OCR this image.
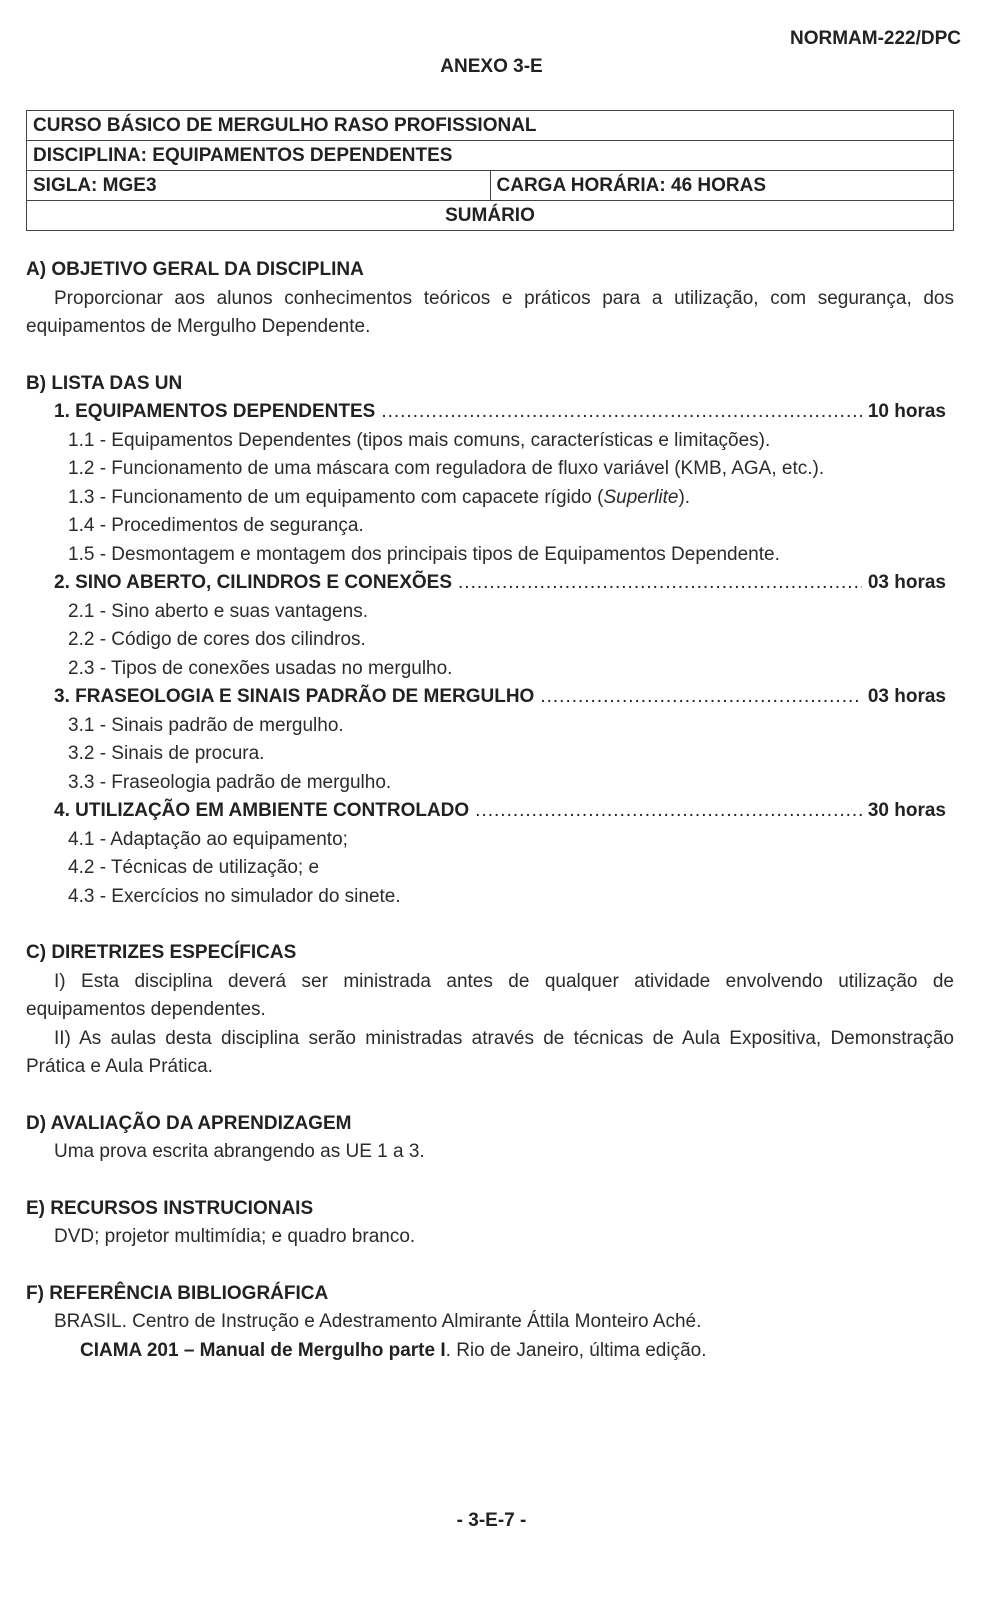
NORMAM-222/DPC
ANEXO 3-E
CURSO BÁSICO DE MERGULHO RASO PROFISSIONAL
DISCIPLINA: EQUIPAMENTOS DEPENDENTES
SIGLA: MGE3	CARGA HORÁRIA: 46 HORAS
SUMÁRIO
A) OBJETIVO GERAL DA DISCIPLINA
Proporcionar aos alunos conhecimentos teóricos e práticos para a utilização, com segurança, dos equipamentos de Mergulho Dependente.
B) LISTA DAS UN
1. EQUIPAMENTOS DEPENDENTES .....	10 horas
1.1 - Equipamentos Dependentes (tipos mais comuns, características e limitações).
1.2 - Funcionamento de uma máscara com reguladora de fluxo variável (KMB, AGA, etc.).
1.3 - Funcionamento de um equipamento com capacete rígido (Superlite).
1.4 - Procedimentos de segurança.
1.5 - Desmontagem e montagem dos principais tipos de Equipamentos Dependente.
2. SINO ABERTO, CILINDROS E CONEXÕES .....	03 horas
2.1 - Sino aberto e suas vantagens.
2.2 - Código de cores dos cilindros.
2.3 - Tipos de conexões usadas no mergulho.
3. FRASEOLOGIA E SINAIS PADRÃO DE MERGULHO .....	03 horas
3.1 - Sinais padrão de mergulho.
3.2 - Sinais de procura.
3.3 - Fraseologia padrão de mergulho.
4. UTILIZAÇÃO EM AMBIENTE CONTROLADO .....	30 horas
4.1 - Adaptação ao equipamento;
4.2 - Técnicas de utilização; e
4.3 - Exercícios no simulador do sinete.
C) DIRETRIZES ESPECÍFICAS
I) Esta disciplina deverá ser ministrada antes de qualquer atividade envolvendo utilização de equipamentos dependentes.
II) As aulas desta disciplina serão ministradas através de técnicas de Aula Expositiva, Demonstração Prática e Aula Prática.
D) AVALIAÇÃO DA APRENDIZAGEM
Uma prova escrita abrangendo as UE 1 a 3.
E) RECURSOS INSTRUCIONAIS
DVD; projetor multimídia; e quadro branco.
F) REFERÊNCIA BIBLIOGRÁFICA
BRASIL. Centro de Instrução e Adestramento Almirante Áttila Monteiro Aché.
CIAMA 201 – Manual de Mergulho parte I. Rio de Janeiro, última edição.
- 3-E-7 -
